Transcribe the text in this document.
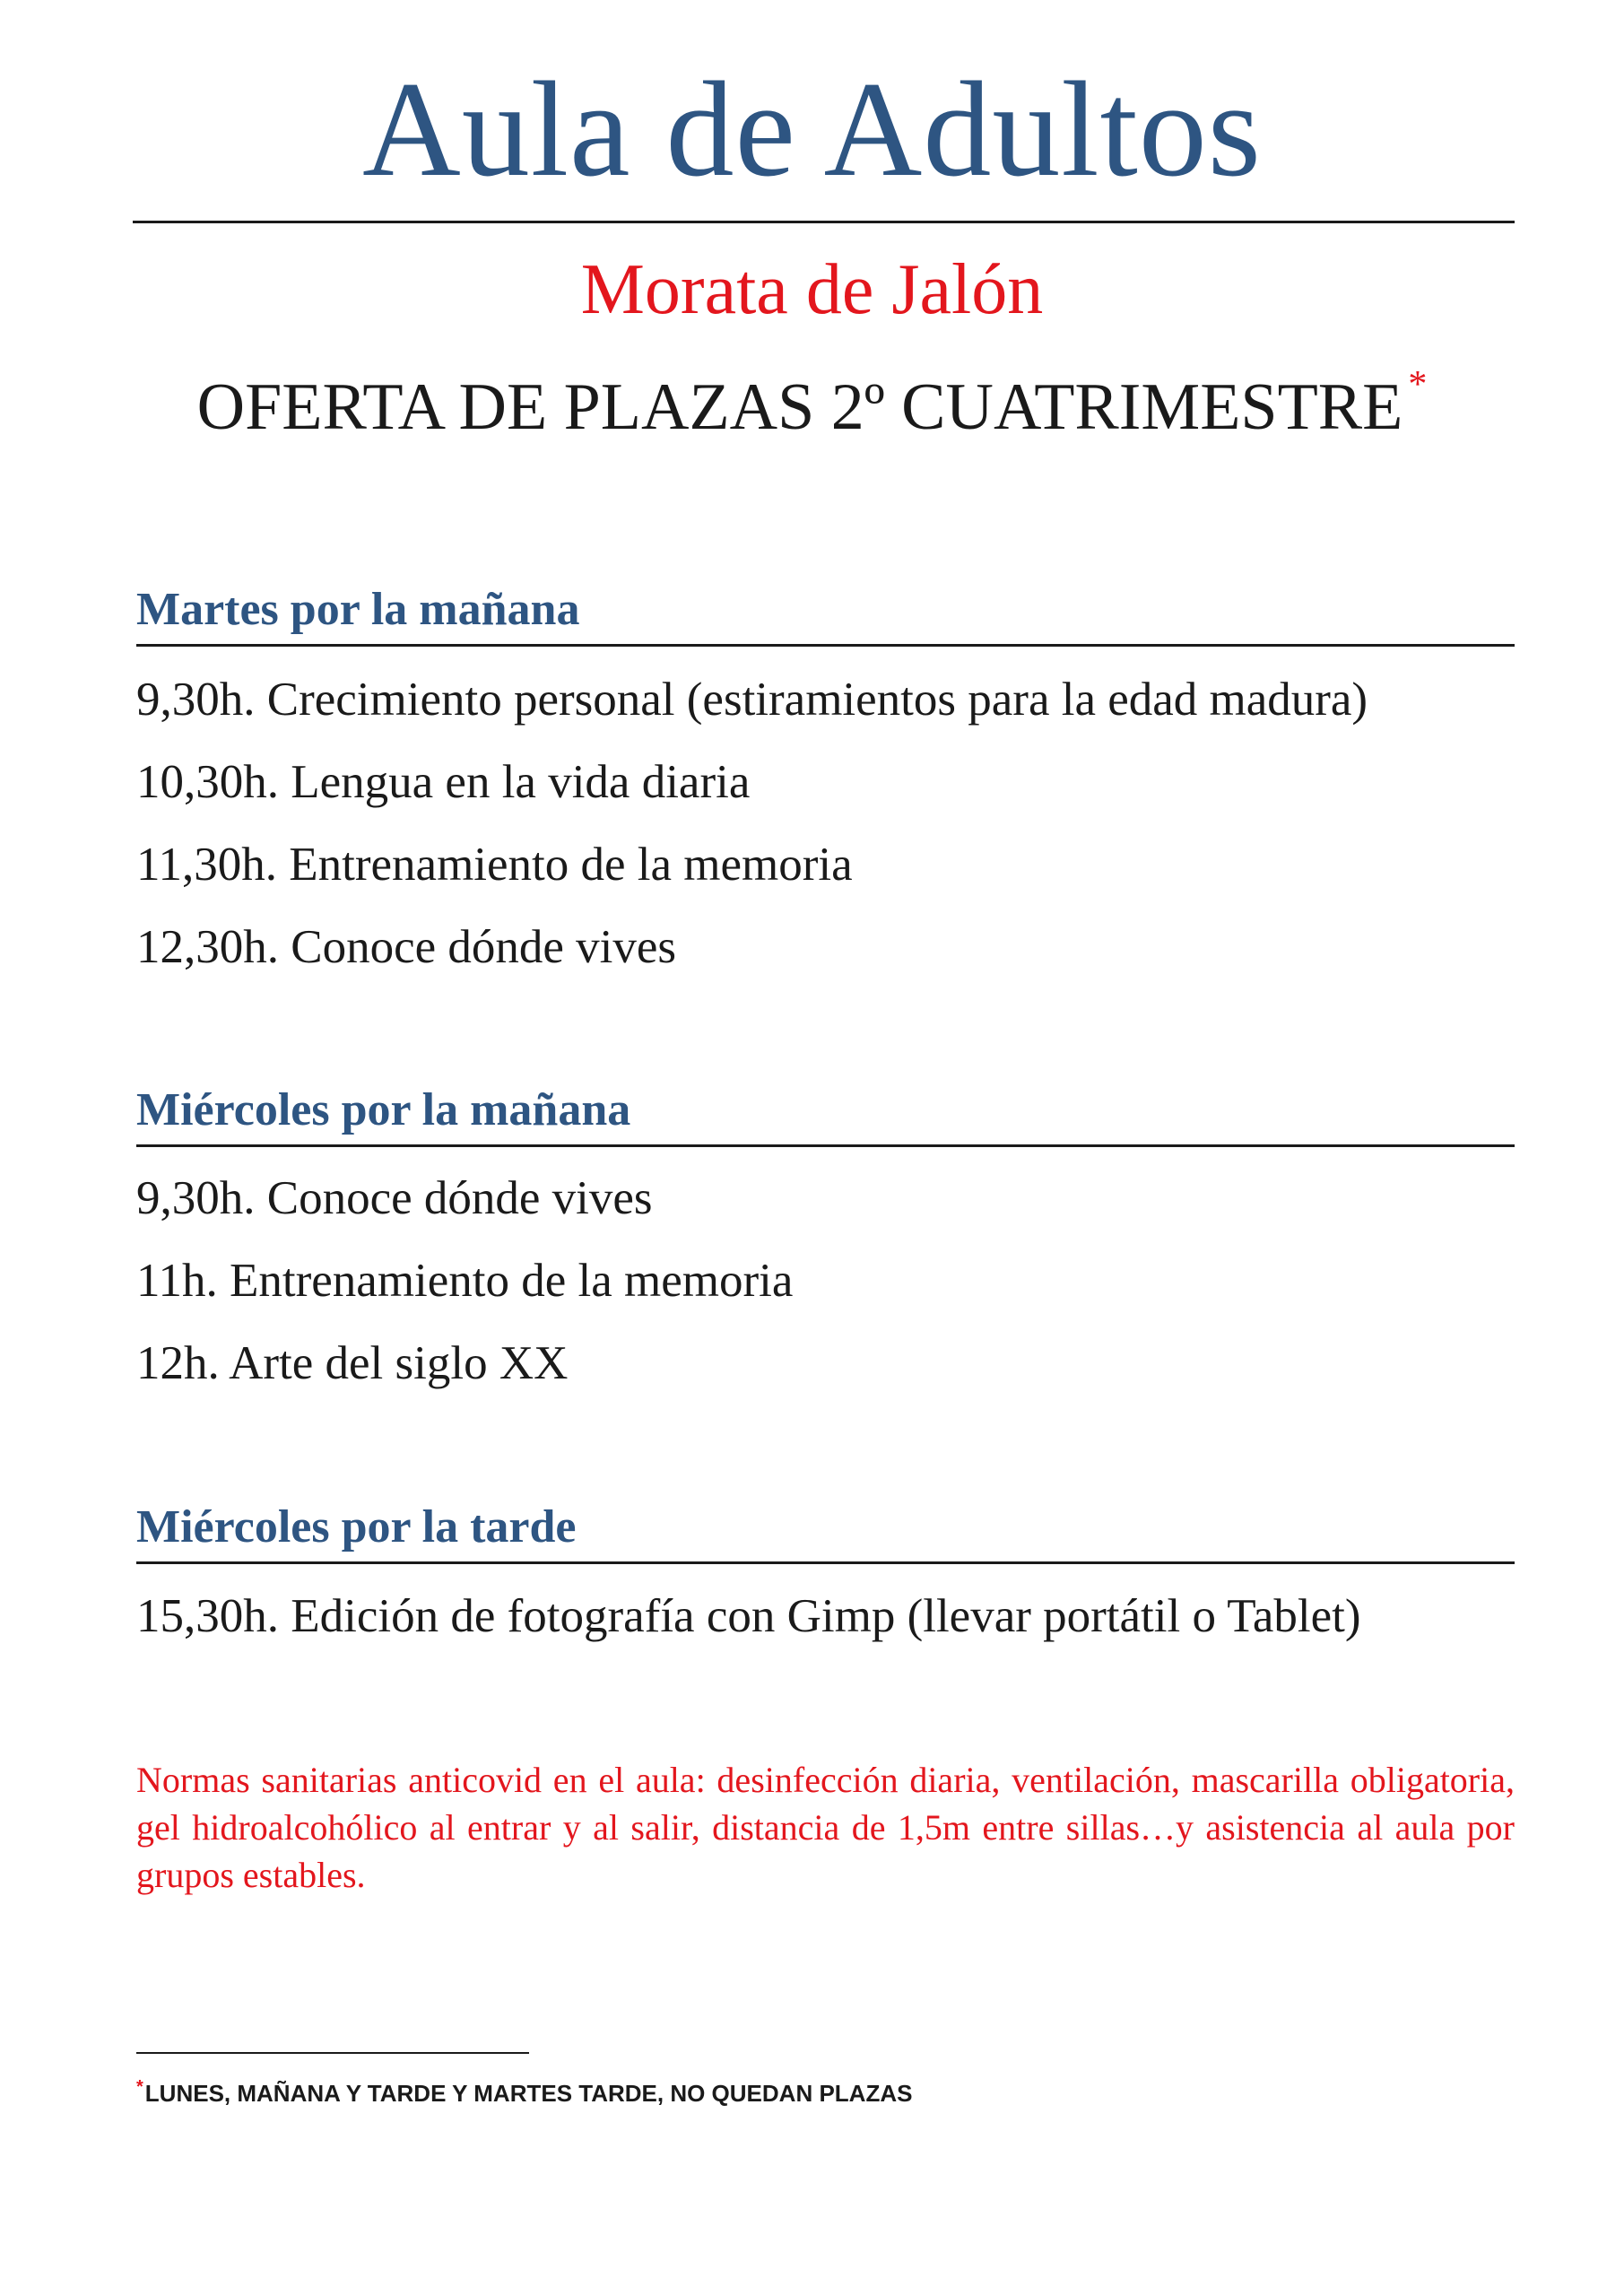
Aula de Adultos
Morata de Jalón
OFERTA DE PLAZAS 2º CUATRIMESTRE *
Martes por la mañana
9,30h. Crecimiento personal (estiramientos para la edad madura)
10,30h. Lengua en la vida diaria
11,30h. Entrenamiento de la memoria
12,30h. Conoce dónde vives
Miércoles por la mañana
9,30h. Conoce dónde vives
11h. Entrenamiento de la memoria
12h. Arte del siglo XX
Miércoles por la tarde
15,30h. Edición de fotografía con Gimp (llevar portátil o Tablet)
Normas sanitarias anticovid en el aula: desinfección diaria, ventilación, mascarilla obligatoria, gel hidroalcohólico al entrar y al salir, distancia de 1,5m entre sillas…y asistencia al aula por grupos estables.
*LUNES, MAÑANA Y TARDE Y MARTES TARDE, NO QUEDAN PLAZAS
